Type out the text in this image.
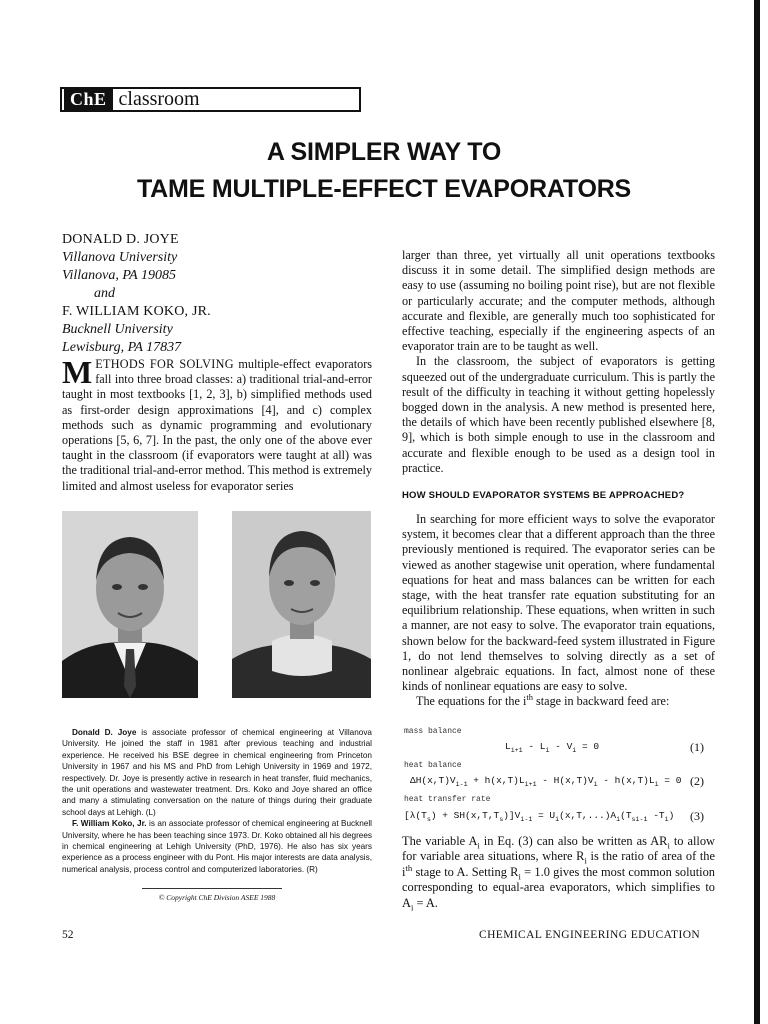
ChE classroom
A SIMPLER WAY TO
TAME MULTIPLE-EFFECT EVAPORATORS
DONALD D. JOYE
Villanova University
Villanova, PA 19085
and
F. WILLIAM KOKO, JR.
Bucknell University
Lewisburg, PA 17837

METHODS FOR SOLVING multiple-effect evaporators fall into three broad classes: a) traditional trial-and-error taught in most textbooks [1, 2, 3], b) simplified methods used as first-order design approximations [4], and c) complex methods such as dynamic programming and evolutionary operations [5, 6, 7]. In the past, the only one of the above ever taught in the classroom (if evaporators were taught at all) was the traditional trial-and-error method. This method is extremely limited and almost useless for evaporator series

Donald D. Joye is associate professor of chemical engineering at Villanova University. He joined the staff in 1981 after previous teaching and industrial experience. He received his BSE degree in chemical engineering from Princeton University in 1967 and his MS and PhD from Lehigh University in 1969 and 1972, respectively. Dr. Joye is presently active in research in heat transfer, fluid mechanics, the unit operations and wastewater treatment. Drs. Koko and Joye shared an office and many a stimulating conversation on the nature of things during their graduate school days at Lehigh. (L)

F. William Koko, Jr. is an associate professor of chemical engineering at Bucknell University, where he has been teaching since 1973. Dr. Koko obtained all his degrees in chemical engineering at Lehigh University (PhD, 1976). He also has six years experience as a process engineer with du Pont. His major interests are data analysis, numerical analysis, process control and computerized laboratories. (R)

© Copyright ChE Division ASEE 1988

larger than three, yet virtually all unit operations textbooks discuss it in some detail. The simplified design methods are easy to use (assuming no boiling point rise), but are not flexible or particularly accurate; and the computer methods, although accurate and flexible, are generally much too sophisticated for effective teaching, especially if the engineering aspects of an evaporator train are to be taught as well.

In the classroom, the subject of evaporators is getting squeezed out of the undergraduate curriculum. This is partly the result of the difficulty in teaching it without getting hopelessly bogged down in the analysis. A new method is presented here, the details of which have been recently published elsewhere [8, 9], which is both simple enough to use in the classroom and accurate and flexible enough to be used as a design tool in practice.

HOW SHOULD EVAPORATOR SYSTEMS BE APPROACHED?

In searching for more efficient ways to solve the evaporator system, it becomes clear that a different approach than the three previously mentioned is required. The evaporator series can be viewed as another stagewise unit operation, where fundamental equations for heat and mass balances can be written for each stage, with the heat transfer rate equation substituting for an equilibrium relationship. These equations, when written in such a manner, are not easy to solve. The evaporator train equations, shown below for the backward-feed system illustrated in Figure 1, do not lend themselves to solving directly as a set of nonlinear algebraic equations. In fact, almost none of these kinds of nonlinear equations are easy to solve.

The equations for the $i^{th}$ stage in backward feed are:

mass balance
$L_{i+1} - L_i - V_i = 0$	(1)
heat balance
$\Delta H(x,T)V_{i-1} + h(x,T)L_{i+1} - H(x,T)V_i - h(x,T)L_i = 0$ (2)
heat transfer rate
$[\lambda(T_s) + SH(x,T,T_s)]V_{i-1} = U_i(x,T,...)A_i(T_{si-1}$ $-T_i$) (3)

The variable $A_i$ in Eq. (3) can also be written as $AR_i$ to allow for variable area situations, where $R_i$ is the ratio of area of the $i^{th}$ stage to A. Setting $R_i = 1.0$ gives the most common solution corresponding to equal-area evaporators, which simplifies to $A_i = A$.

52	CHEMICAL ENGINEERING EDUCATION
